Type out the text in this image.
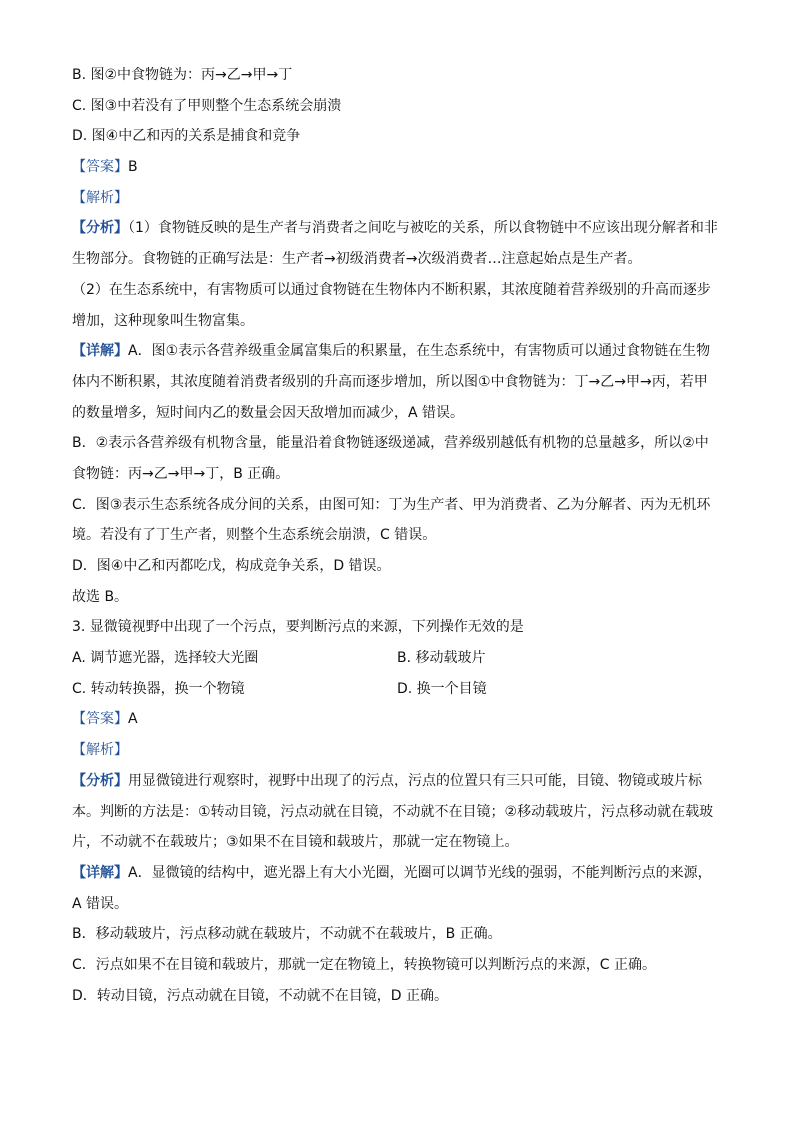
B. 图②中食物链为：丙→乙→甲→丁
C. 图③中若没有了甲则整个生态系统会崩溃
D. 图④中乙和丙的关系是捕食和竞争
【答案】B
【解析】
【分析】（1）食物链反映的是生产者与消费者之间吃与被吃的关系，所以食物链中不应该出现分解者和非
生物部分。食物链的正确写法是：生产者→初级消费者→次级消费者…注意起始点是生产者。
（2）在生态系统中，有害物质可以通过食物链在生物体内不断积累，其浓度随着营养级别的升高而逐步
增加，这种现象叫生物富集。
【详解】A．图①表示各营养级重金属富集后的积累量，在生态系统中，有害物质可以通过食物链在生物
体内不断积累，其浓度随着消费者级别的升高而逐步增加，所以图①中食物链为：丁→乙→甲→丙，若甲
的数量增多，短时间内乙的数量会因天敌增加而减少，A 错误。
B．②表示各营养级有机物含量，能量沿着食物链逐级递减，营养级别越低有机物的总量越多，所以②中
食物链：丙→乙→甲→丁，B 正确。
C．图③表示生态系统各成分间的关系，由图可知：丁为生产者、甲为消费者、乙为分解者、丙为无机环
境。若没有了丁生产者，则整个生态系统会崩溃，C 错误。
D．图④中乙和丙都吃戊，构成竞争关系，D 错误。
故选 B。
3. 显微镜视野中出现了一个污点，要判断污点的来源，下列操作无效的是
A. 调节遮光器，选择较大光圈	B. 移动载玻片
C. 转动转换器，换一个物镜	D. 换一个目镜
【答案】A
【解析】
【分析】用显微镜进行观察时，视野中出现了的污点，污点的位置只有三只可能，目镜、物镜或玻片标
本。判断的方法是：①转动目镜，污点动就在目镜，不动就不在目镜；②移动载玻片，污点移动就在载玻
片，不动就不在载玻片；③如果不在目镜和载玻片，那就一定在物镜上。
【详解】A．显微镜的结构中，遮光器上有大小光圈，光圈可以调节光线的强弱，不能判断污点的来源，
A 错误。
B．移动载玻片，污点移动就在载玻片，不动就不在载玻片，B 正确。
C．污点如果不在目镜和载玻片，那就一定在物镜上，转换物镜可以判断污点的来源，C 正确。
D．转动目镜，污点动就在目镜，不动就不在目镜，D 正确。
